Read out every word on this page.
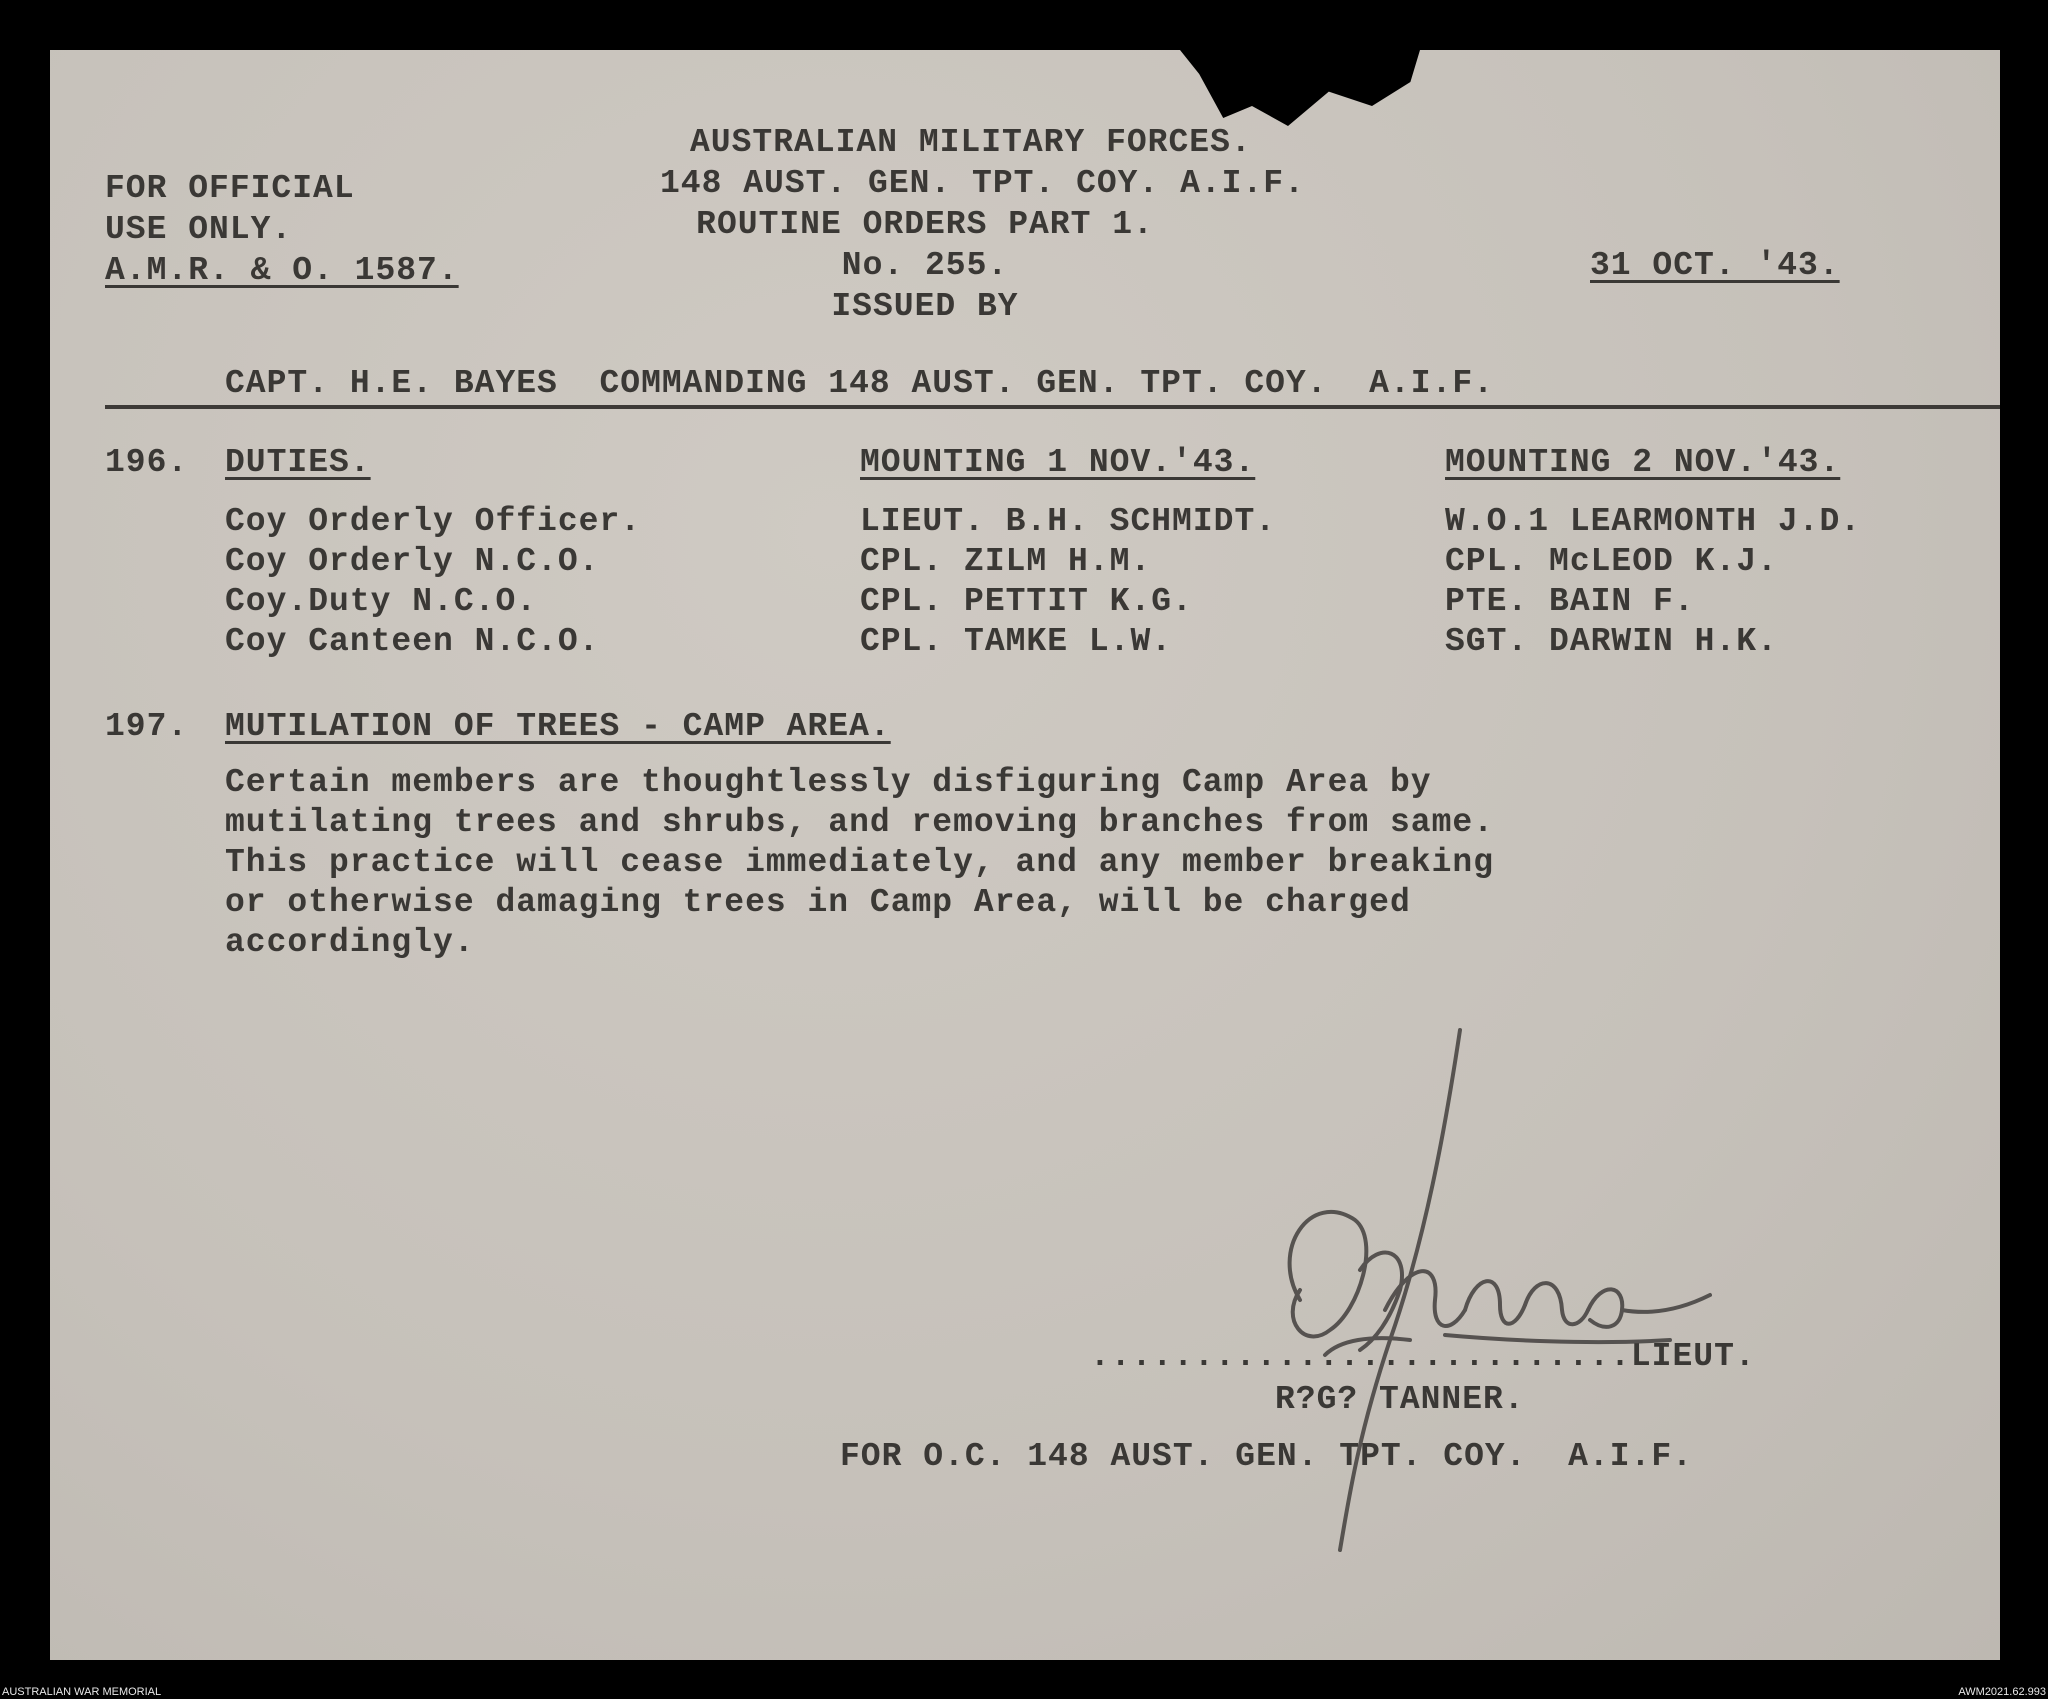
FOR OFFICIAL
USE ONLY.
A.M.R. & O. 1587.
AUSTRALIAN MILITARY FORCES.
148 AUST. GEN. TPT. COY. A.I.F.
ROUTINE ORDERS PART 1.
No. 255.
ISSUED BY
31 OCT. '43.
CAPT. H.E. BAYES  COMMANDING 148 AUST. GEN. TPT. COY.  A.I.F.
196. DUTIES.	MOUNTING 1 NOV.'43.	MOUNTING 2 NOV.'43.
Coy Orderly Officer.	LIEUT. B.H. SCHMIDT.	W.O.1 LEARMONTH J.D.
Coy Orderly N.C.O.	CPL. ZILM H.M.	CPL. McLEOD K.J.
Coy.Duty N.C.O.	CPL. PETTIT K.G.	PTE. BAIN F.
Coy Canteen N.C.O.	CPL. TAMKE L.W.	SGT. DARWIN H.K.
197. MUTILATION OF TREES - CAMP AREA.
Certain members are thoughtlessly disfiguring Camp Area by
mutilating trees and shrubs, and removing branches from same.
This practice will cease immediately, and any member breaking
or otherwise damaging trees in Camp Area, will be charged
accordingly.
..........................LIEUT.
R?G? TANNER.
FOR O.C. 148 AUST. GEN. TPT. COY.  A.I.F.
AUSTRALIAN WAR MEMORIAL	AWM2021.62.993
